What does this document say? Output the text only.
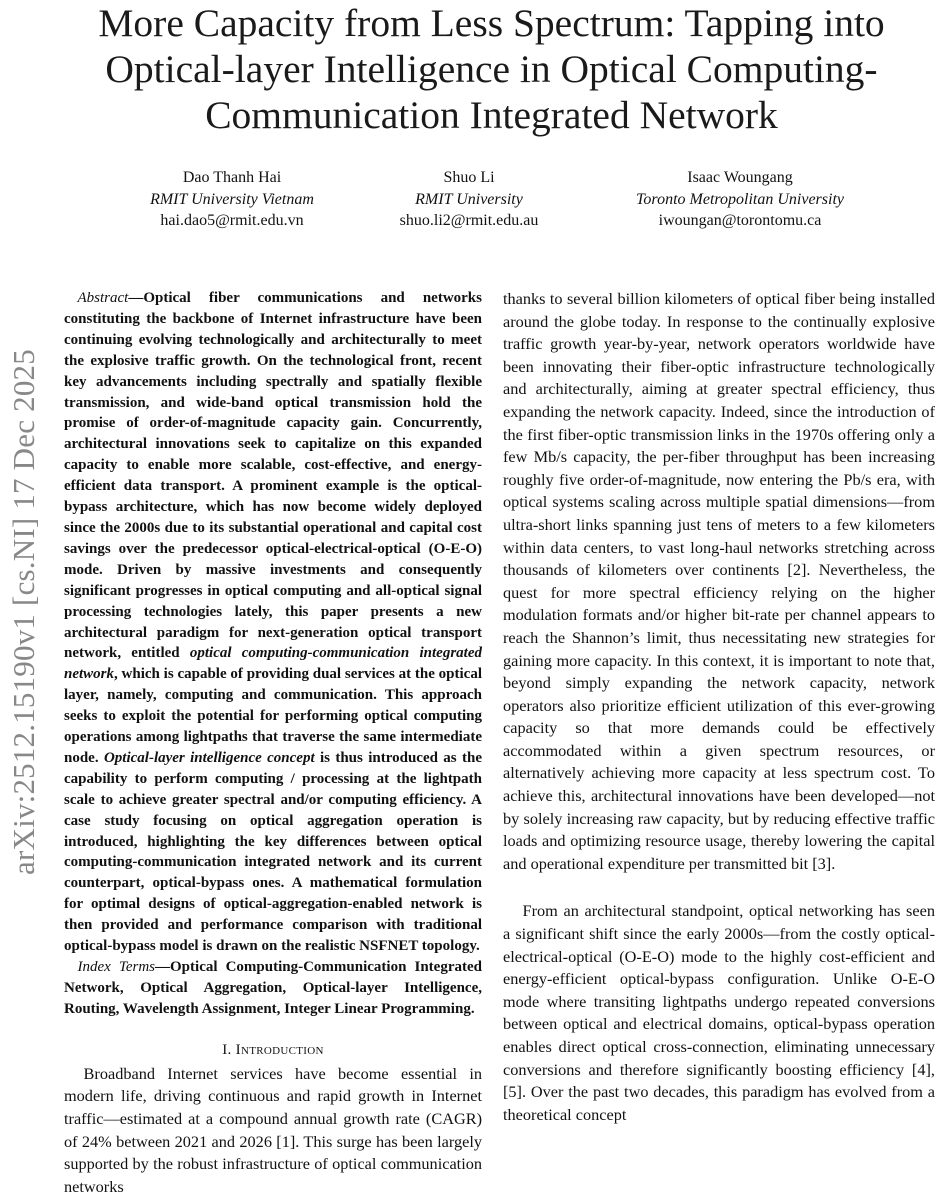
arXiv:2512.15190v1 [cs.NI] 17 Dec 2025
More Capacity from Less Spectrum: Tapping into Optical-layer Intelligence in Optical Computing-Communication Integrated Network
Dao Thanh Hai
RMIT University Vietnam
hai.dao5@rmit.edu.vn
Shuo Li
RMIT University
shuo.li2@rmit.edu.au
Isaac Woungang
Toronto Metropolitan University
iwoungan@torontomu.ca

Abstract—Optical fiber communications and networks constituting the backbone of Internet infrastructure have been continuing evolving technologically and architecturally to meet the explosive traffic growth. On the technological front, recent key advancements including spectrally and spatially flexible transmission, and wide-band optical transmission hold the promise of order-of-magnitude capacity gain. Concurrently, architectural innovations seek to capitalize on this expanded capacity to enable more scalable, cost-effective, and energy-efficient data transport. A prominent example is the optical-bypass architecture, which has now become widely deployed since the 2000s due to its substantial operational and capital cost savings over the predecessor optical-electrical-optical (O-E-O) mode. Driven by massive investments and consequently significant progresses in optical computing and all-optical signal processing technologies lately, this paper presents a new architectural paradigm for next-generation optical transport network, entitled optical computing-communication integrated network, which is capable of providing dual services at the optical layer, namely, computing and communication. This approach seeks to exploit the potential for performing optical computing operations among lightpaths that traverse the same intermediate node. Optical-layer intelligence concept is thus introduced as the capability to perform computing / processing at the lightpath scale to achieve greater spectral and/or computing efficiency. A case study focusing on optical aggregation operation is introduced, highlighting the key differences between optical computing-communication integrated network and its current counterpart, optical-bypass ones. A mathematical formulation for optimal designs of optical-aggregation-enabled network is then provided and performance comparison with traditional optical-bypass model is drawn on the realistic NSFNET topology.

Index Terms—Optical Computing-Communication Integrated Network, Optical Aggregation, Optical-layer Intelligence, Routing, Wavelength Assignment, Integer Linear Programming.

I. Introduction

Broadband Internet services have become essential in modern life, driving continuous and rapid growth in Internet traffic—estimated at a compound annual growth rate (CAGR) of 24% between 2021 and 2026 [1]. This surge has been largely supported by the robust infrastructure of optical communication networks

thanks to several billion kilometers of optical fiber being installed around the globe today. In response to the continually explosive traffic growth year-by-year, network operators worldwide have been innovating their fiber-optic infrastructure technologically and architecturally, aiming at greater spectral efficiency, thus expanding the network capacity. Indeed, since the introduction of the first fiber-optic transmission links in the 1970s offering only a few Mb/s capacity, the per-fiber throughput has been increasing roughly five order-of-magnitude, now entering the Pb/s era, with optical systems scaling across multiple spatial dimensions—from ultra-short links spanning just tens of meters to a few kilometers within data centers, to vast long-haul networks stretching across thousands of kilometers over continents [2]. Nevertheless, the quest for more spectral efficiency relying on the higher modulation formats and/or higher bit-rate per channel appears to reach the Shannon’s limit, thus necessitating new strategies for gaining more capacity. In this context, it is important to note that, beyond simply expanding the network capacity, network operators also prioritize efficient utilization of this ever-growing capacity so that more demands could be effectively accommodated within a given spectrum resources, or alternatively achieving more capacity at less spectrum cost. To achieve this, architectural innovations have been developed—not by solely increasing raw capacity, but by reducing effective traffic loads and optimizing resource usage, thereby lowering the capital and operational expenditure per transmitted bit [3].

From an architectural standpoint, optical networking has seen a significant shift since the early 2000s—from the costly optical-electrical-optical (O-E-O) mode to the highly cost-efficient and energy-efficient optical-bypass configuration. Unlike O-E-O mode where transiting lightpaths undergo repeated conversions between optical and electrical domains, optical-bypass operation enables direct optical cross-connection, eliminating unnecessary conversions and therefore significantly boosting efficiency [4], [5]. Over the past two decades, this paradigm has evolved from a theoretical concept
